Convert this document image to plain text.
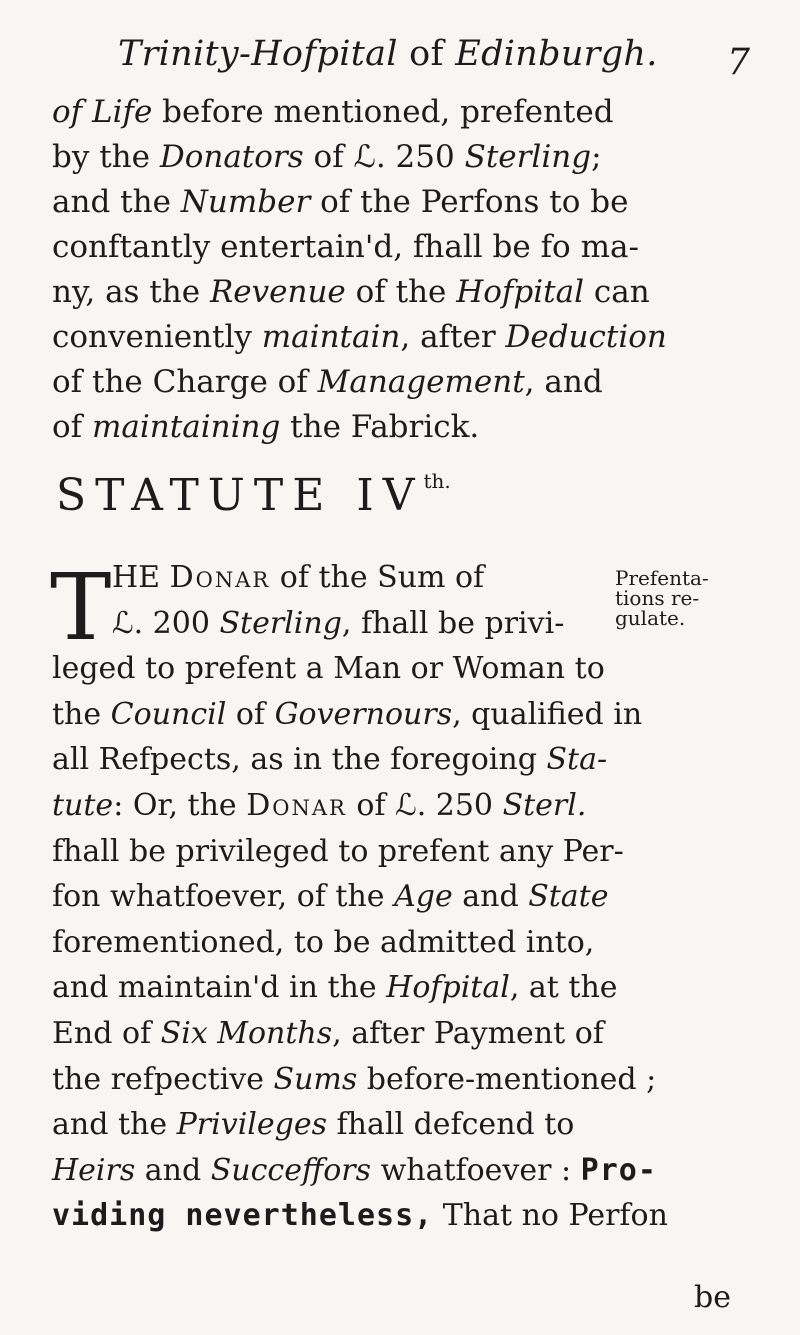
Trinity-Hofpital of Edinburgh. 7
of Life before mentioned, prefented
by the Donators of ℒ. 250 Sterling;
and the Number of the Perfons to be
conftantly entertain'd, fhall be fo ma-
ny, as the Revenue of the Hofpital can
conveniently maintain, after Deduction
of the Charge of Management, and
of maintaining the Fabrick.
STATUTE $IV^{th.}$
T HE Donar of the Sum of
ℒ. 200 Sterling, fhall be privi-
leged to prefent a Man or Woman to
the Council of Governours, qualified in
all Refpects, as in the foregoing Sta-
tute: Or, the Donar of ℒ. 250 Sterl.
fhall be privileged to prefent any Per-
fon whatfoever, of the Age and State
forementioned, to be admitted into,
and maintain'd in the Hofpital, at the
End of Six Months, after Payment of
the refpective Sums before-mentioned ;
and the Privileges fhall defcend to
Heirs and Succeffors whatfoever : Pro-
viding nevertheless, That no Perfon
Prefenta-
tions re-
gulate.
be
